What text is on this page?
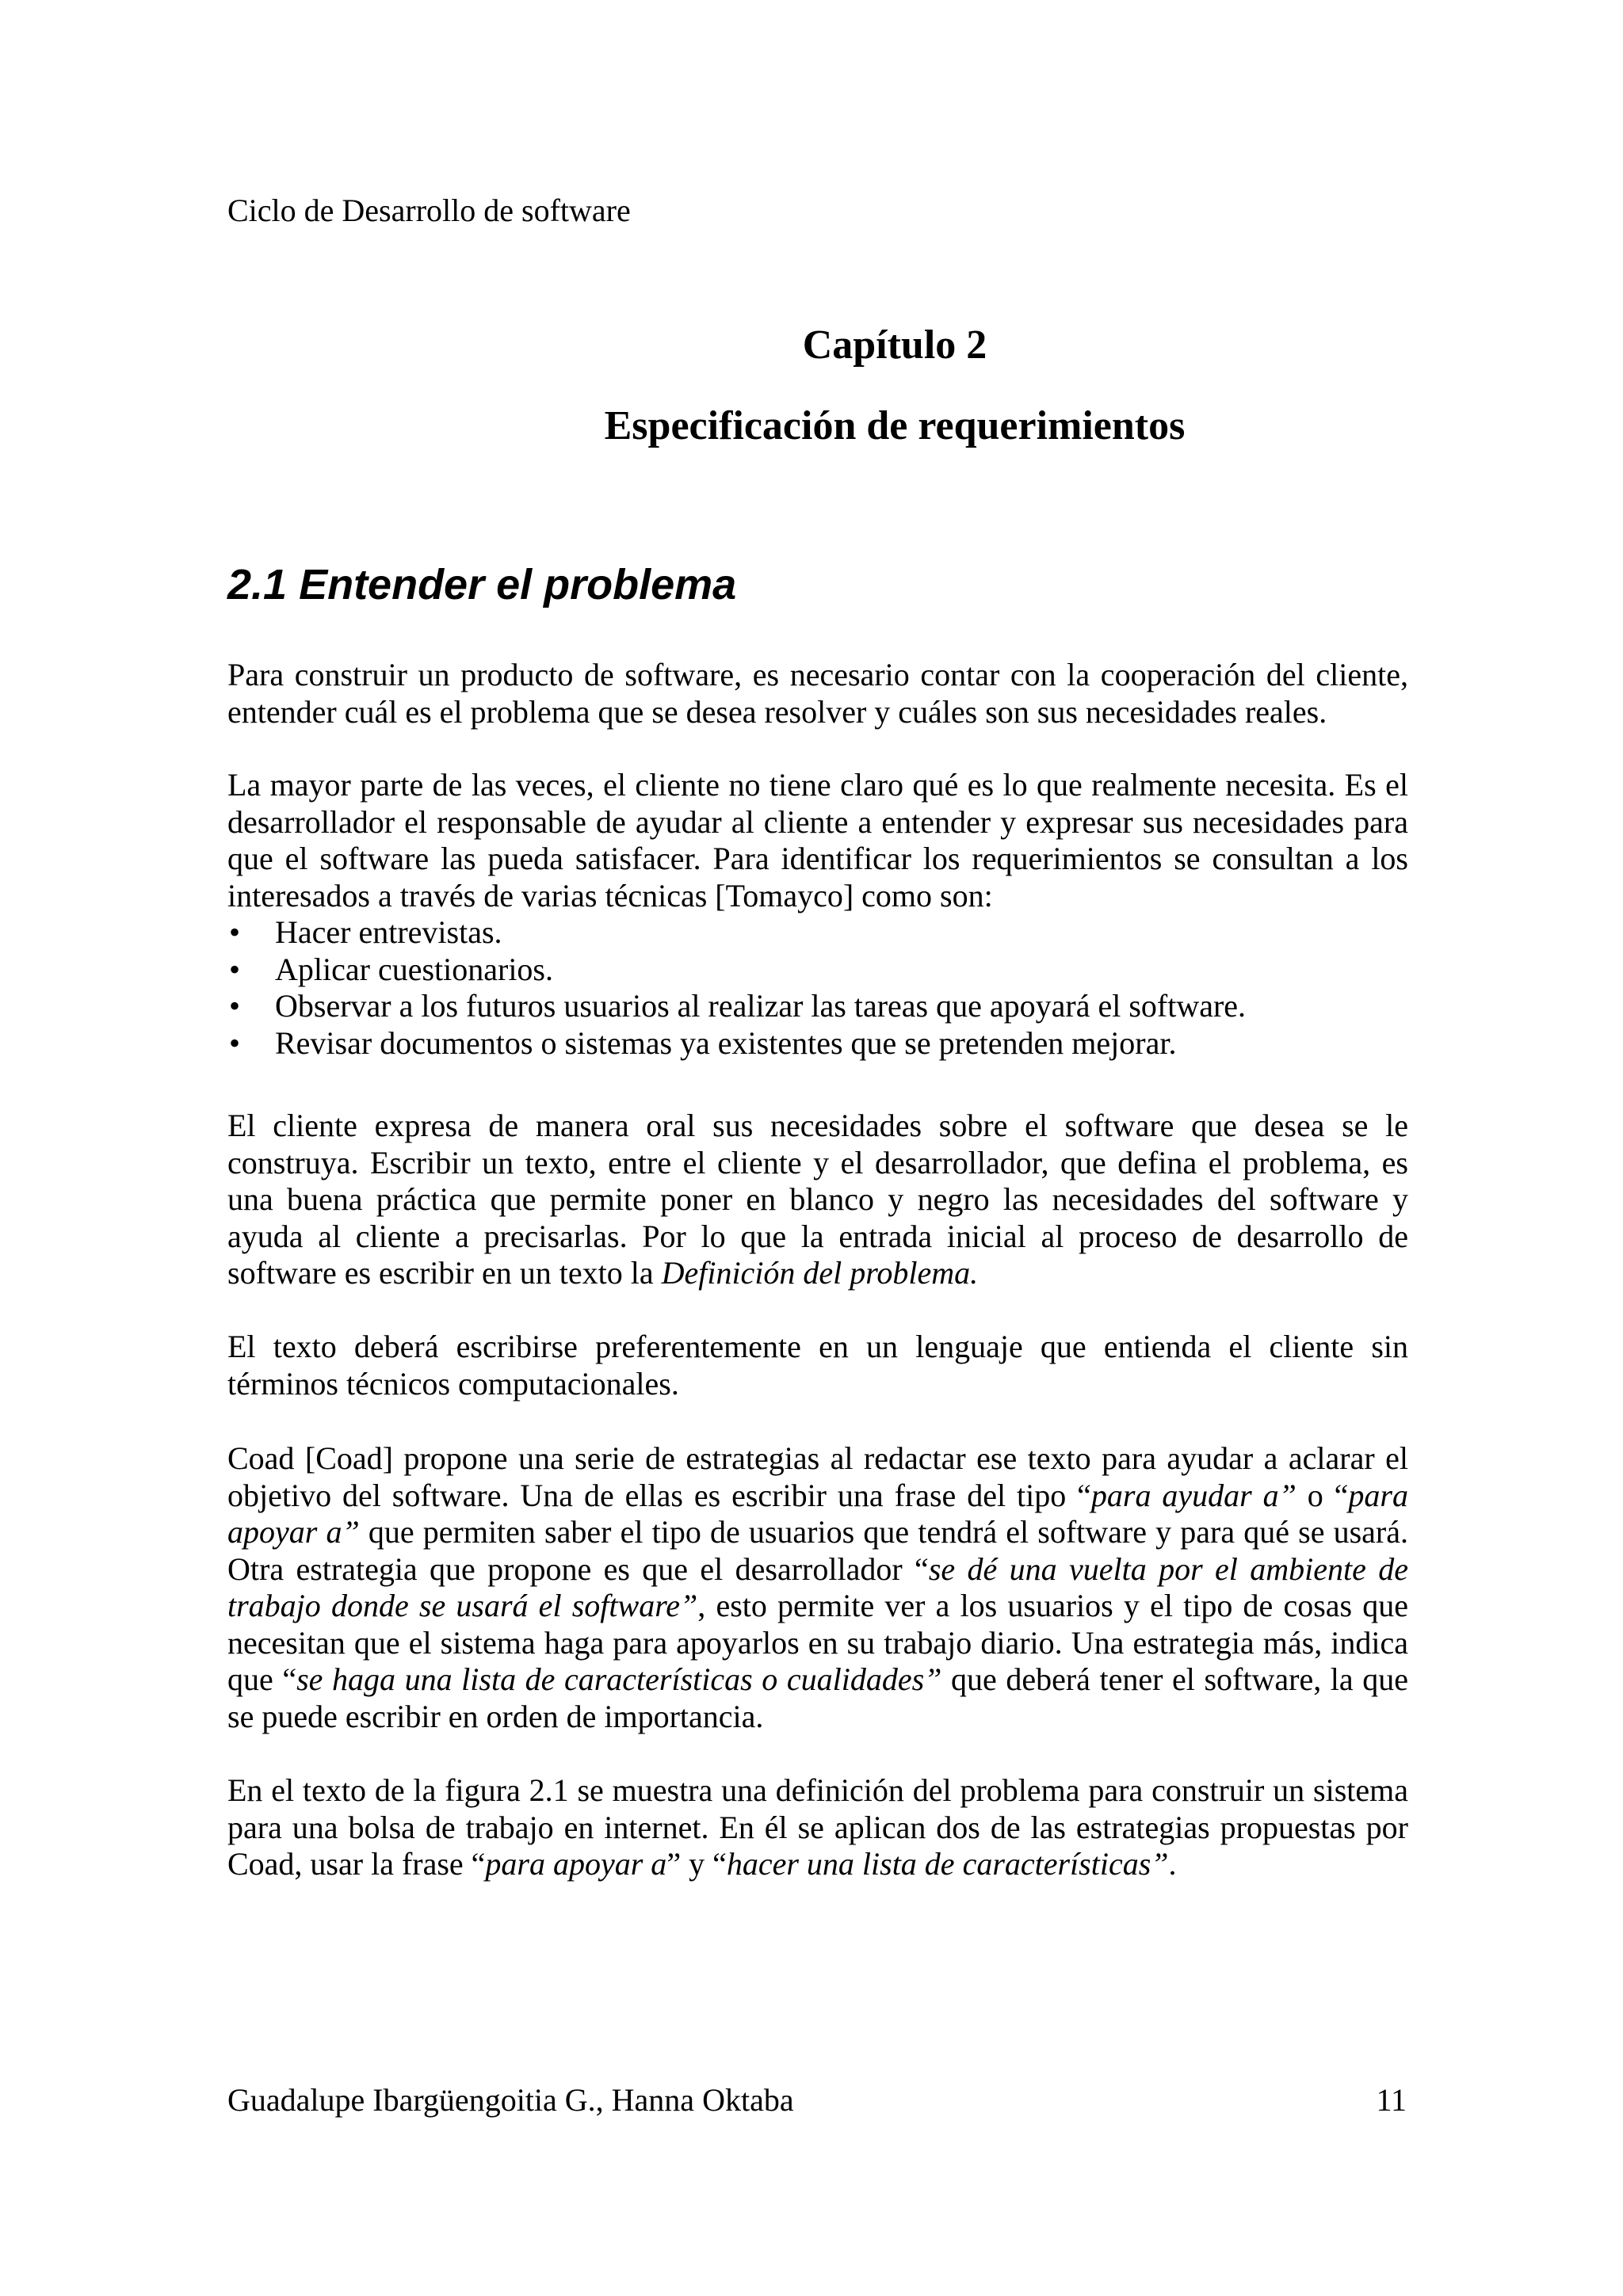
Ciclo de Desarrollo de software

Capítulo 2
Especificación de requerimientos
2.1 Entender el problema

Para construir un producto de software, es necesario contar con la cooperación del cliente, entender cuál es el problema que se desea resolver y cuáles son sus necesidades reales.

La mayor parte de las veces, el cliente no tiene claro qué es lo que realmente necesita. Es el desarrollador el responsable de ayudar al cliente a entender y expresar sus necesidades para que el software las pueda satisfacer. Para identificar los requerimientos se consultan a los interesados a través de varias técnicas [Tomayco] como son:

• Hacer entrevistas.
• Aplicar cuestionarios.
• Observar a los futuros usuarios al realizar las tareas que apoyará el software.
• Revisar documentos o sistemas ya existentes que se pretenden mejorar.

El cliente expresa de manera oral sus necesidades sobre el software que desea se le construya. Escribir un texto, entre el cliente y el desarrollador, que defina el problema, es una buena práctica que permite poner en blanco y negro las necesidades del software y ayuda al cliente a precisarlas. Por lo que la entrada inicial al proceso de desarrollo de software es escribir en un texto la Definición del problema.

El texto deberá escribirse preferentemente en un lenguaje que entienda el cliente sin términos técnicos computacionales.

Coad [Coad] propone una serie de estrategias al redactar ese texto para ayudar a aclarar el objetivo del software. Una de ellas es escribir una frase del tipo “para ayudar a” o “para apoyar a” que permiten saber el tipo de usuarios que tendrá el software y para qué se usará. Otra estrategia que propone es que el desarrollador “se dé una vuelta por el ambiente de trabajo donde se usará el software”, esto permite ver a los usuarios y el tipo de cosas que necesitan que el sistema haga para apoyarlos en su trabajo diario. Una estrategia más, indica que “se haga una lista de características o cualidades” que deberá tener el software, la que se puede escribir en orden de importancia.

En el texto de la figura 2.1 se muestra una definición del problema para construir un sistema para una bolsa de trabajo en internet. En él se aplican dos de las estrategias propuestas por Coad, usar la frase “para apoyar a” y “hacer una lista de características”.

Guadalupe Ibargüengoitia G., Hanna Oktaba	11
